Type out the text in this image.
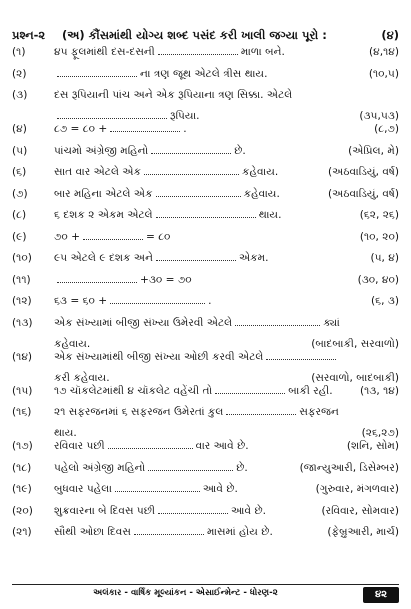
પ્રશ્ન-૨	(અ) કૌંસમાંથી યોગ્ય શબ્દ પસંદ કરી ખાલી જગ્યા પૂરો :	(૪)
(૧)	૪૫ ફૂલમાંથી દસ-દસની	માળા બને.	(૪,૧૪)
(૨)	ના ત્રણ જૂથ એટલે ત્રીસ થાય.	(૧૦,૫)
(૩)	દસ રૂપિયાની પાંચ અને એક રૂપિયાના ત્રણ સિક્કા. એટલે
રૂપિયા.	(૩૫,૫૩)
(૪)	૮૭ = ૮૦ +	.	(૮,૭)
(૫)	પાંચમો અંગ્રેજી મહિનો	છે.	(એપ્રિલ, મે)
(૬)	સાત વાર એટલે એક	કહેવાય.	(અઠવાડિયું, વર્ષ)
(૭)	બાર મહિના એટલે એક	કહેવાય.	(અઠવાડિયું, વર્ષ)
(૮)	૬ દશક ૨ એકમ એટલે	થાય.	(૬૨, ૨૬)
(૯)	૭૦ +	= ૮૦	(૧૦, ૨૦)
(૧૦)	૯૫ એટલે ૯ દશક અને	એકમ.	(૫, ૪)
(૧૧)	+૩૦ = ૭૦	(૩૦, ૪૦)
(૧૨)	૬૩ = ૬૦ +	.	(૬, ૩)
(૧૩)	એક સંખ્યામાં બીજી સંખ્યા ઉમેરવી એટલે	ક્યાં
કહેવાય.	(બાદબાકી, સરવાળો)
(૧૪)	એક સંખ્યામાંથી બીજી સંખ્યા ઓછી કરવી એટલે
કરી કહેવાય.	(સરવાળો, બાદબાકી)
(૧૫)	૧૭ ચૉકલેટમાંથી ૪ ચૉકલેટ વહેંચી તો	બાકી રહી.	(૧૩, ૧૪)
(૧૬)	૨૧ સફરજનમાં ૬ સફરજન ઉમેરતાં કુલ	સફરજન
થાય.	(૨૬,૨૭)
(૧૭)	રવિવાર પછી	વાર આવે છે.	(શનિ, સોમ)
(૧૮)	પહેલો અંગ્રેજી મહિનો	છે.	(જાન્યુઆરી, ડિસેમ્બર)
(૧૯)	બુધવાર પહેલા	આવે છે.	(ગુરુવાર, મંગળવાર)
(૨૦)	શુક્રવારના બે દિવસ પછી	આવે છે.	(રવિવાર, સોમવાર)
(૨૧)	સૌથી ઓછા દિવસ	માસમાં હોય છે.	(ફેબ્રુઆરી, માર્ચ)
અલંકાર - વાર્ષિક મૂલ્યાંકન - એસાઈન્મેન્ટ - ધોરણ-૨	૪૨
